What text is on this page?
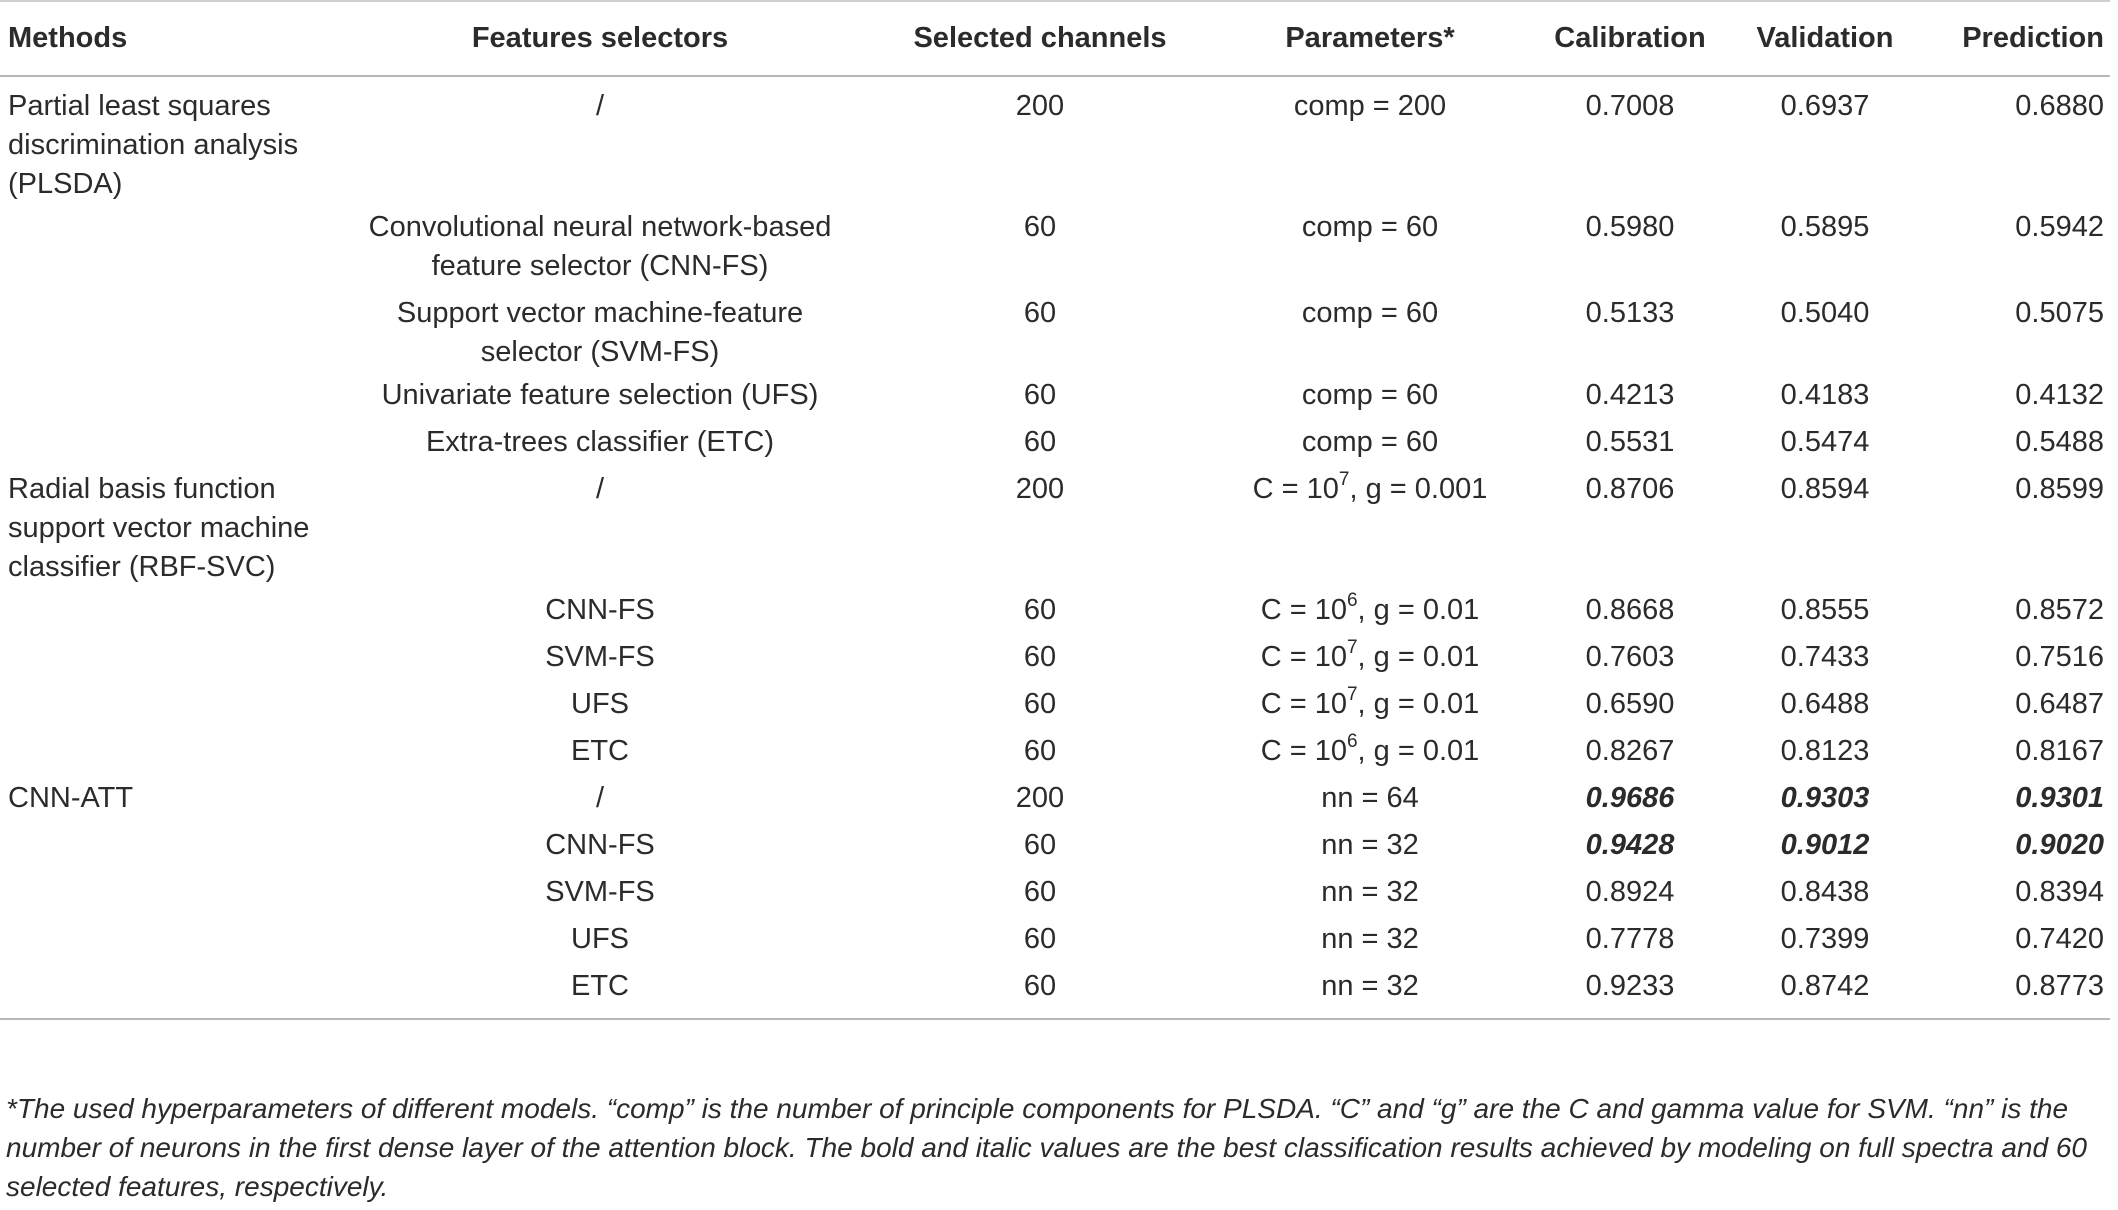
Methods	Features selectors	Selected channels	Parameters*	Calibration	Validation	Prediction
Partial least squares discrimination analysis (PLSDA)	/	200	comp = 200	0.7008	0.6937	0.6880
	Convolutional neural network-based feature selector (CNN-FS)	60	comp = 60	0.5980	0.5895	0.5942
	Support vector machine-feature selector (SVM-FS)	60	comp = 60	0.5133	0.5040	0.5075
	Univariate feature selection (UFS)	60	comp = 60	0.4213	0.4183	0.4132
	Extra-trees classifier (ETC)	60	comp = 60	0.5531	0.5474	0.5488
Radial basis function support vector machine classifier (RBF-SVC)	/	200	$C = 10^7$, g = 0.001	0.8706	0.8594	0.8599
	CNN-FS	60	$C = 10^6$, g = 0.01	0.8668	0.8555	0.8572
	SVM-FS	60	$C = 10^7$, g = 0.01	0.7603	0.7433	0.7516
	UFS	60	$C = 10^7$, g = 0.01	0.6590	0.6488	0.6487
	ETC	60	$C = 10^6$, g = 0.01	0.8267	0.8123	0.8167
CNN-ATT	/	200	nn = 64	0.9686	0.9303	0.9301
	CNN-FS	60	nn = 32	0.9428	0.9012	0.9020
	SVM-FS	60	nn = 32	0.8924	0.8438	0.8394
	UFS	60	nn = 32	0.7778	0.7399	0.7420
	ETC	60	nn = 32	0.9233	0.8742	0.8773
*The used hyperparameters of different models. “comp” is the number of principle components for PLSDA. “C” and “g” are the C and gamma value for SVM. “nn” is the number of neurons in the first dense layer of the attention block. The bold and italic values are the best classification results achieved by modeling on full spectra and 60 selected features, respectively.
